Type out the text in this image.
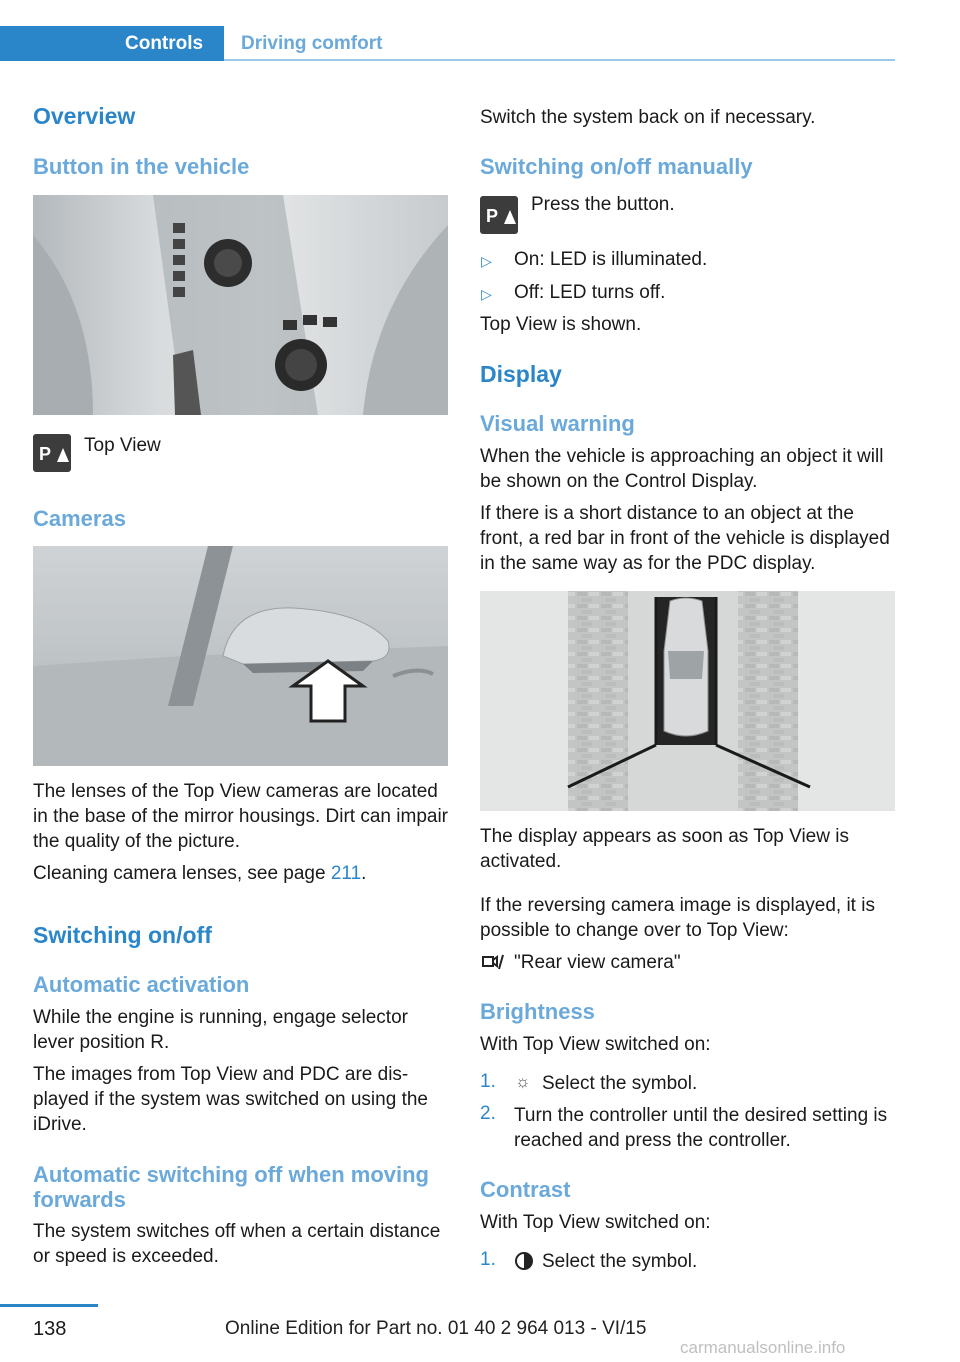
Controls	Driving comfort
Overview
Button in the vehicle
P Top View

Cameras

The lenses of the Top View cameras are located in the base of the mirror housings. Dirt can impair the quality of the picture.

Cleaning camera lenses, see page 211.

Switching on/off
Automatic activation

While the engine is running, engage selector lever position R.

The images from Top View and PDC are displayed if the system was switched on using the iDrive.

Automatic switching off when moving forwards

The system switches off when a certain distance or speed is exceeded.

Switch the system back on if necessary.

Switching on/off manually
P

Press the button.

▷ On: LED is illuminated.

▷ Off: LED turns off.

Top View is shown.

Display
Visual warning

When the vehicle is approaching an object it will be shown on the Control Display.

If there is a short distance to an object at the front, a red bar in front of the vehicle is displayed in the same way as for the PDC display.

The display appears as soon as Top View is activated.

If the reversing camera image is displayed, it is possible to change over to Top View:

"Rear view camera"

Brightness

With Top View switched on:

1. ☼ Select the symbol.

2. Turn the controller until the desired setting is reached and press the controller.

Contrast

With Top View switched on:

1. Select the symbol.

138	Online Edition for Part no. 01 40 2 964 013 - VI/15
carmanualsonline.info
